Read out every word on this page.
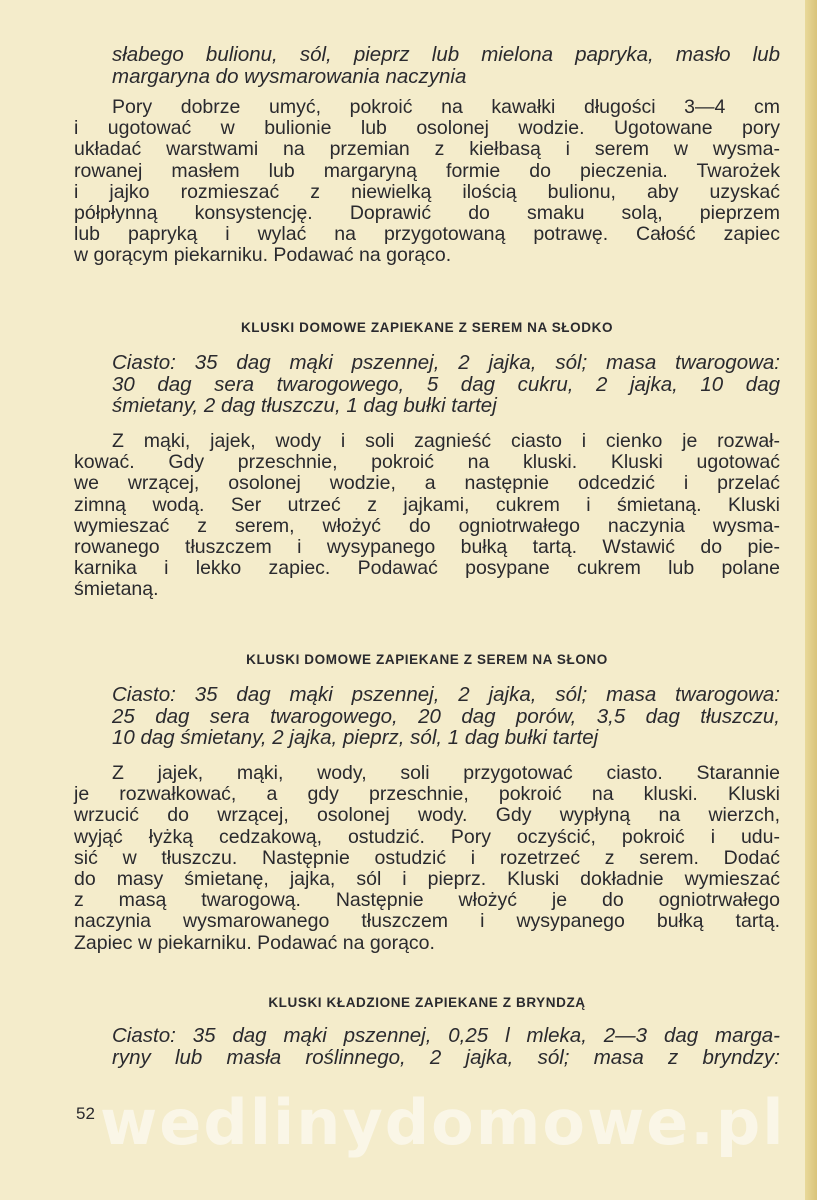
słabego bulionu, sól, pieprz lub mielona papryka, masło lub
margaryna do wysmarowania naczynia

Pory dobrze umyć, pokroić na kawałki długości 3—4 cm
i ugotować w bulionie lub osolonej wodzie. Ugotowane pory
układać warstwami na przemian z kiełbasą i serem w wysma-
rowanej masłem lub margaryną formie do pieczenia. Twarożek
i jajko rozmieszać z niewielką ilością bulionu, aby uzyskać
półpłynną konsystencję. Doprawić do smaku solą, pieprzem
lub papryką i wylać na przygotowaną potrawę. Całość zapiec
w gorącym piekarniku. Podawać na gorąco.

KLUSKI DOMOWE ZAPIEKANE Z SEREM NA SŁODKO

Ciasto: 35 dag mąki pszennej, 2 jajka, sól; masa twarogowa:
30 dag sera twarogowego, 5 dag cukru, 2 jajka, 10 dag
śmietany, 2 dag tłuszczu, 1 dag bułki tartej

Z mąki, jajek, wody i soli zagnieść ciasto i cienko je rozwał-
kować. Gdy przeschnie, pokroić na kluski. Kluski ugotować
we wrzącej, osolonej wodzie, a następnie odcedzić i przelać
zimną wodą. Ser utrzeć z jajkami, cukrem i śmietaną. Kluski
wymieszać z serem, włożyć do ogniotrwałego naczynia wysma-
rowanego tłuszczem i wysypanego bułką tartą. Wstawić do pie-
karnika i lekko zapiec. Podawać posypane cukrem lub polane
śmietaną.

KLUSKI DOMOWE ZAPIEKANE Z SEREM NA SŁONO

Ciasto: 35 dag mąki pszennej, 2 jajka, sól; masa twarogowa:
25 dag sera twarogowego, 20 dag porów, 3,5 dag tłuszczu,
10 dag śmietany, 2 jajka, pieprz, sól, 1 dag bułki tartej

Z jajek, mąki, wody, soli przygotować ciasto. Starannie
je rozwałkować, a gdy przeschnie, pokroić na kluski. Kluski
wrzucić do wrzącej, osolonej wody. Gdy wypłyną na wierzch,
wyjąć łyżką cedzakową, ostudzić. Pory oczyścić, pokroić i udu-
sić w tłuszczu. Następnie ostudzić i rozetrzeć z serem. Dodać
do masy śmietanę, jajka, sól i pieprz. Kluski dokładnie wymieszać
z masą twarogową. Następnie włożyć je do ogniotrwałego
naczynia wysmarowanego tłuszczem i wysypanego bułką tartą.
Zapiec w piekarniku. Podawać na gorąco.

KLUSKI KŁADZIONE ZAPIEKANE Z BRYNDZĄ

Ciasto: 35 dag mąki pszennej, 0,25 l mleka, 2—3 dag marga-
ryny lub masła roślinnego, 2 jajka, sól; masa z bryndzy:

wedlinydomowe.pl
52
